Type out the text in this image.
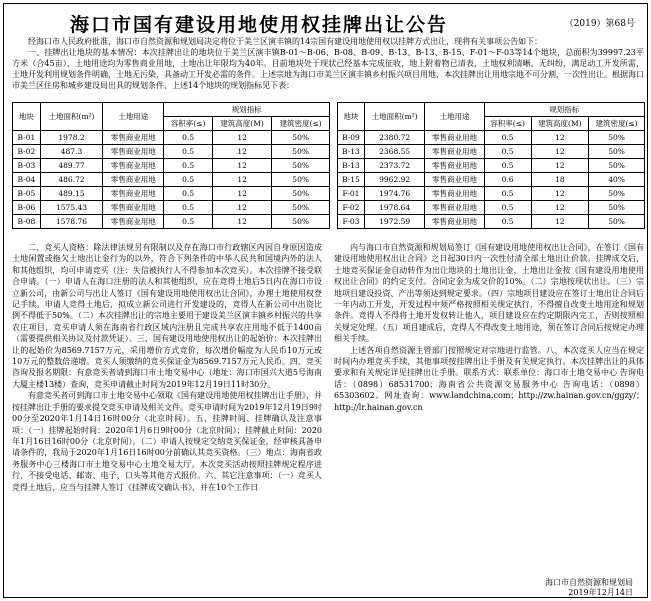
海口市国有建设用地使用权挂牌出让公告	（2019）第68号

经海口市人民政府批准，海口市自然资源和规划局决定将位于美兰区演丰镇的14宗国有建设用地使用权以挂牌方式出让，现将有关事项公告如下：

一、挂牌出让地块的基本情况：本次挂牌出让的地块位于美兰区演丰镇B-01～B-06、B-08、B-09、B-13、B-13、B-15、F-01～F-03等14个地块，总面积为39997.23平方米（合45亩），土地用途均为零售商业用地，土地出让年限均为40年。目前地块处于现状已经基本完成征收，地上附着物已清表，土地权利清晰，无纠纷，满足动工开发所需，土地开发利用规划条件明确，土地无污染，具备动工开发必需的条件。上述宗地为海口市美兰区演丰镇乡村振兴项目用地，本次挂牌出让用地宗地不可分割，一次性出让。根据海口市美兰区住房和城乡建设局出具的规划条件，上述14个地块的规划指标见下表：

地块	土地面积(m²)	土地用途	规划指标		
			容积率(≤)	建筑高度(M)	建筑密度(≤)
B-01	1978.2	零售商业用地	0.5	12	50%
B-02	487.3	零售商业用地	0.5	12	50%
B-03	489.77	零售商业用地	0.5	12	50%
B-04	486.72	零售商业用地	0.5	12	50%
B-05	489.15	零售商业用地	0.5	12	50%
B-06	1575.43	零售商业用地	0.5	12	50%
B-08	1578.76	零售商业用地	0.5	12	50%
地块	土地面积(m²)	土地用途	规划指标		
			容积率(≤)	建筑高度(M)	建筑密度(≤)
B-09	2380.72	零售商业用地	0.5	12	50%
B-13	2368.55	零售商业用地	0.5	12	50%
B-13	2373.72	零售商业用地	0.5	12	50%
B-15	9962.92	零售商业用地	0.6	18	40%
F-01	1974.76	零售商业用地	0.5	12	50%
F-02	1978.64	零售商业用地	0.5	12	50%
F-03	1972.59	零售商业用地	0.5	12	50%

二、竞买人资格：除法律法规另有限制以及存在海口市行政辖区内因自身原因造成土地闲置或拖欠土地出让金行为的以外，符合下列条件的中华人民共和国境内外的法人和其他组织，均可申请竞买（注：失信被执行人不得参加本次竞买）。本次挂牌不接受联合申请。（一）申请人在海口注册的法人和其他组织，应在竞得土地后5日内在海口市设立新公司，由新公司与出让人签订《国有建设用地使用权出让合同》，办理土地使用权登记手续。申请人竞得土地后，拟成立新公司进行开发建设的，竞得人在新公司中出资比例不得低于50%。（二）本次挂牌出让的宗地主要用于建设美兰区演丰镇乡村振兴的共享农庄项目，竞买申请人须在海南省行政区域内注册且完成共享农庄用地不低于1400亩（需要提供相关协议及付款凭证）。三、国有建设用地使用权出让的起始价：本次挂牌出让的起始价为8569.7157万元，采用增价方式竞价，每次增价幅度为人民币10万元或10万元的整数倍递增。竞买人须缴纳的竞买保证金为8569.7157万元人民币。四、竞买咨询及报名期限：有意竞买者请到海口市土地交易中心（地址：海口市国兴大道5号海南大厦主楼13楼）查询，竞买申请截止时间为2019年12月19日11时30分。

有意竞买者可到海口市土地交易中心领取《国有建设用地使用权挂牌出让手册》，并按挂牌出让手册的要求提交竞买申请及相关文件。竞买申请时间为2019年12月19日9时00分至2020年1月14日16时00分（北京时间）。五、挂牌时间、挂牌确认及注意事项：（一）挂牌起始时间：2020年1月6日9时00分（北京时间）；挂牌截止时间：2020年1月16日16时00分（北京时间）。（二）申请人按规定交纳竞买保证金，经审核具备申请条件的，我局于2020年1月16日16时00分前确认其竞买资格。（三）地点：海南省政务服务中心三楼海口市土地交易中心土地交易大厅。本次竞买活动按照挂牌规定程序进行，不接受电话、邮寄、电子、口头等其他方式报价。六、其它注意事项：（一）竞买人竞得土地后，应当与挂牌人签订《挂牌成交确认书》，并在10个工作日

内与海口市自然资源和规划局签订《国有建设用地使用权出让合同》，在签订《国有建设用地使用权出让合同》之日起30日内一次性付清全部土地出让价款。挂牌成交后，土地竞买保证金自动转作为出让地块的土地出让金，土地出让金按《国有建设用地使用权出让合同》的约定支付。合同定金为成交价的10%。（二）宗地按现状出让。（三）宗地项目建设投资、产出等须达到规定要求。（四）宗地项目建设应在签订土地出让合同后一年内动工开发，开发过程中须严格按照相关规定执行，不得擅自改变土地用途和规划条件。竞得人不得将土地开发权转让他人，项目建设应在约定期限内完工，否则按照相关规定处理。（五）项目建成后，竞得人不得改变土地用途，须在签订合同后按规定办理相关手续。

上述各项自然资源主管部门按照规定对宗地进行监管。八、本次竞买人应当在规定时间内办理竞买手续，其他事项按挂牌出让手册及有关规定执行。本次挂牌出让的具体要求和有关规定详见挂牌出让手册。联系方式：联系单位：海口市土地交易中心 告询电话：（0898）68531700；海南省公共资源交易服务中心 告询电话：（0898）65303602。网址查询：www.landchina.com；http://zw.hainan.gov.cn/ggzy/；http://lr.hainan.gov.cn

海口市自然资源和规划局
2019年12月14日
